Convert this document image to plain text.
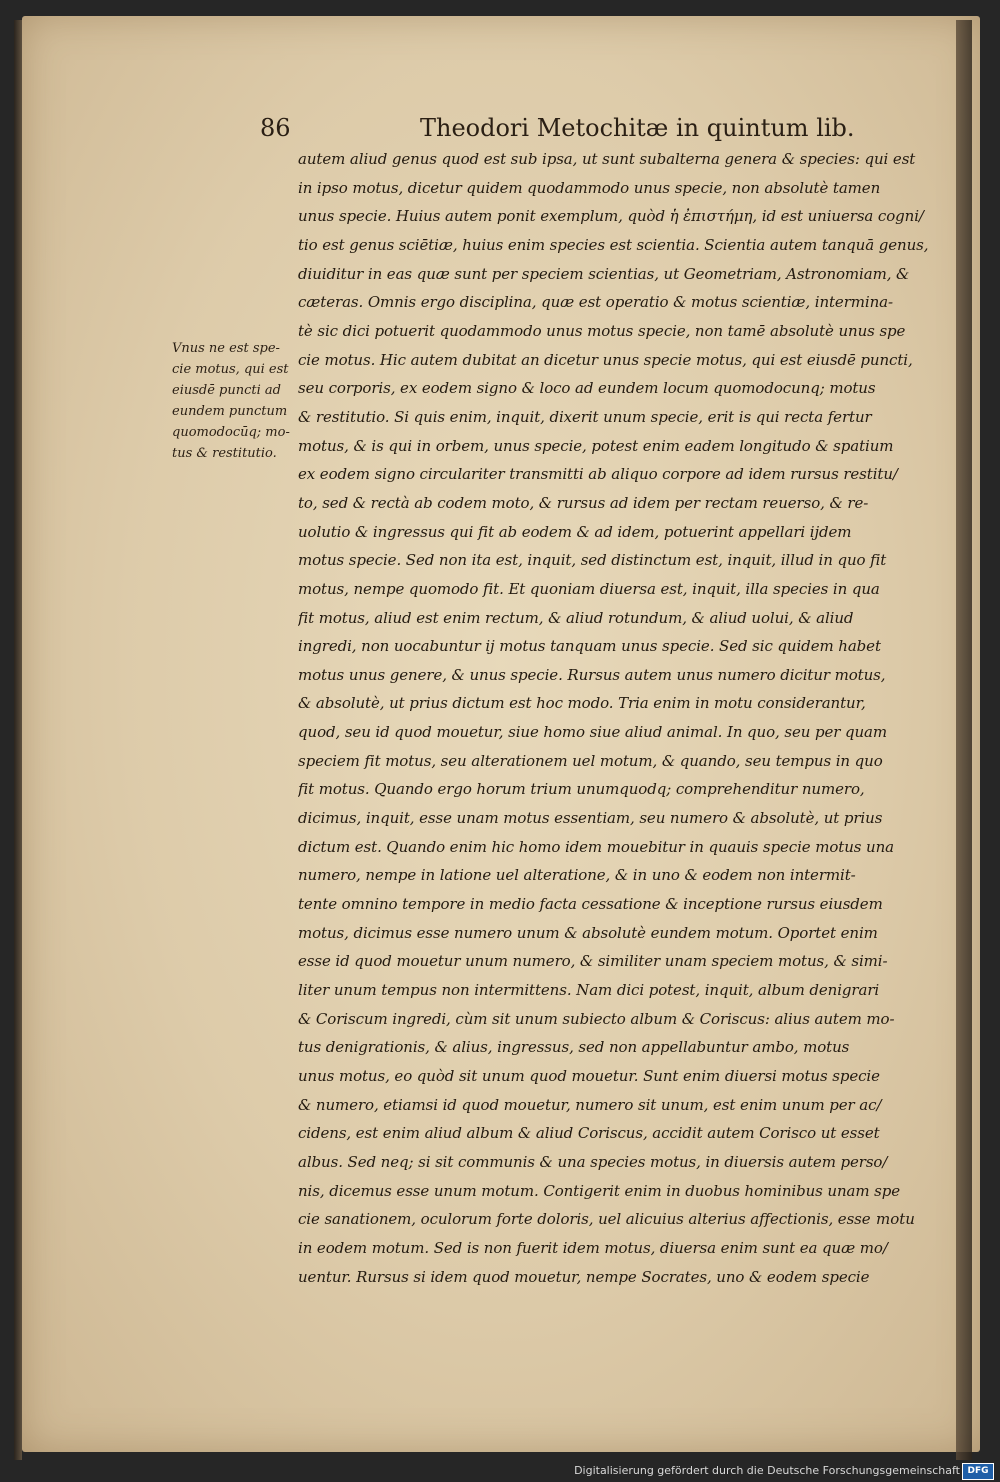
86	Theodori Metochitæ in quintum lib.
Vnus ne est spe-
cie motus, qui est
eiusdē puncti ad
eundem punctum
quomodocūq; mo-
tus & restitutio.
autem aliud genus quod est sub ipsa, ut sunt subalterna genera & species: qui est
in ipso motus, dicetur quidem quodammodo unus specie, non absolutè tamen
unus specie. Huius autem ponit exemplum, quòd ἡ ἐπιστήμη, id est uniuersa cogni/
tio est genus sciētiæ, huius enim species est scientia. Scientia autem tanquā genus,
diuiditur in eas quæ sunt per speciem scientias, ut Geometriam, Astronomiam, &
cæteras. Omnis ergo disciplina, quæ est operatio & motus scientiæ, intermina-
tè sic dici potuerit quodammodo unus motus specie, non tamē absolutè unus spe
cie motus. Hic autem dubitat an dicetur unus specie motus, qui est eiusdē puncti,
seu corporis, ex eodem signo & loco ad eundem locum quomodocunq; motus
& restitutio. Si quis enim, inquit, dixerit unum specie, erit is qui recta fertur
motus, & is qui in orbem, unus specie, potest enim eadem longitudo & spatium
ex eodem signo circulariter transmitti ab aliquo corpore ad idem rursus restitu/
to, sed & rectà ab codem moto, & rursus ad idem per rectam reuerso, & re-
uolutio & ingressus qui fit ab eodem & ad idem, potuerint appellari ijdem
motus specie. Sed non ita est, inquit, sed distinctum est, inquit, illud in quo fit
motus, nempe quomodo fit. Et quoniam diuersa est, inquit, illa species in qua
fit motus, aliud est enim rectum, & aliud rotundum, & aliud uolui, & aliud
ingredi, non uocabuntur ij motus tanquam unus specie. Sed sic quidem habet
motus unus genere, & unus specie. Rursus autem unus numero dicitur motus,
& absolutè, ut prius dictum est hoc modo. Tria enim in motu considerantur,
quod, seu id quod mouetur, siue homo siue aliud animal. In quo, seu per quam
speciem fit motus, seu alterationem uel motum, & quando, seu tempus in quo
fit motus. Quando ergo horum trium unumquodq; comprehenditur numero,
dicimus, inquit, esse unam motus essentiam, seu numero & absolutè, ut prius
dictum est. Quando enim hic homo idem mouebitur in quauis specie motus una
numero, nempe in latione uel alteratione, & in uno & eodem non intermit-
tente omnino tempore in medio facta cessatione & inceptione rursus eiusdem
motus, dicimus esse numero unum & absolutè eundem motum. Oportet enim
esse id quod mouetur unum numero, & similiter unam speciem motus, & simi-
liter unum tempus non intermittens. Nam dici potest, inquit, album denigrari
& Coriscum ingredi, cùm sit unum subiecto album & Coriscus: alius autem mo-
tus denigrationis, & alius, ingressus, sed non appellabuntur ambo, motus
unus motus, eo quòd sit unum quod mouetur. Sunt enim diuersi motus specie
& numero, etiamsi id quod mouetur, numero sit unum, est enim unum per ac/
cidens, est enim aliud album & aliud Coriscus, accidit autem Corisco ut esset
albus. Sed neq; si sit communis & una species motus, in diuersis autem perso/
nis, dicemus esse unum motum. Contigerit enim in duobus hominibus unam spe
cie sanationem, oculorum forte doloris, uel alicuius alterius affectionis, esse
in eodem motum. Sed is non fuerit idem motus, diuersa enim sunt ea quæ mo/
uentur. Rursus si idem quod mouetur, nempe Socrates, uno & eodem specie
motu
Digitalisierung gefördert durch die Deutsche Forschungsgemeinschaft DFG
